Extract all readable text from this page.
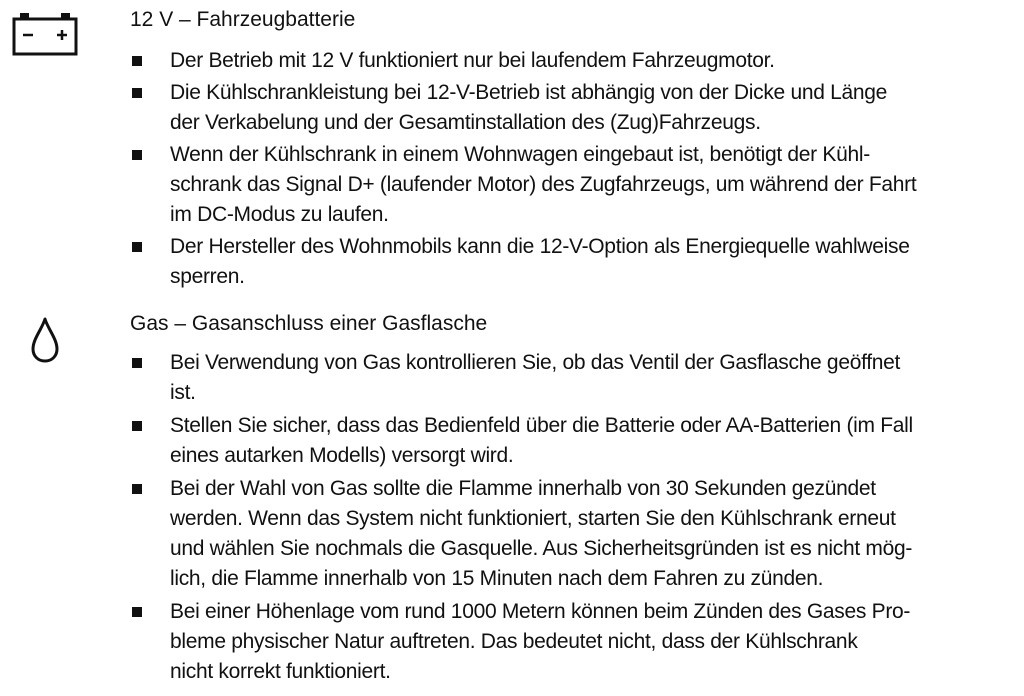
12 V – Fahrzeugbatterie
Der Betrieb mit 12 V funktioniert nur bei laufendem Fahrzeugmotor.
Die Kühlschrankleistung bei 12-V-Betrieb ist abhängig von der Dicke und Länge
der Verkabelung und der Gesamtinstallation des (Zug)Fahrzeugs.
Wenn der Kühlschrank in einem Wohnwagen eingebaut ist, benötigt der Kühl-
schrank das Signal D+ (laufender Motor) des Zugfahrzeugs, um während der Fahrt
im DC-Modus zu laufen.
Der Hersteller des Wohnmobils kann die 12-V-Option als Energiequelle wahlweise
sperren.
Gas – Gasanschluss einer Gasflasche
Bei Verwendung von Gas kontrollieren Sie, ob das Ventil der Gasflasche geöffnet
ist.
Stellen Sie sicher, dass das Bedienfeld über die Batterie oder AA-Batterien (im Fall
eines autarken Modells) versorgt wird.
Bei der Wahl von Gas sollte die Flamme innerhalb von 30 Sekunden gezündet
werden. Wenn das System nicht funktioniert, starten Sie den Kühlschrank erneut
und wählen Sie nochmals die Gasquelle. Aus Sicherheitsgründen ist es nicht mög-
lich, die Flamme innerhalb von 15 Minuten nach dem Fahren zu zünden.
Bei einer Höhenlage vom rund 1000 Metern können beim Zünden des Gases Pro-
bleme physischer Natur auftreten. Das bedeutet nicht, dass der Kühlschrank
nicht korrekt funktioniert.
